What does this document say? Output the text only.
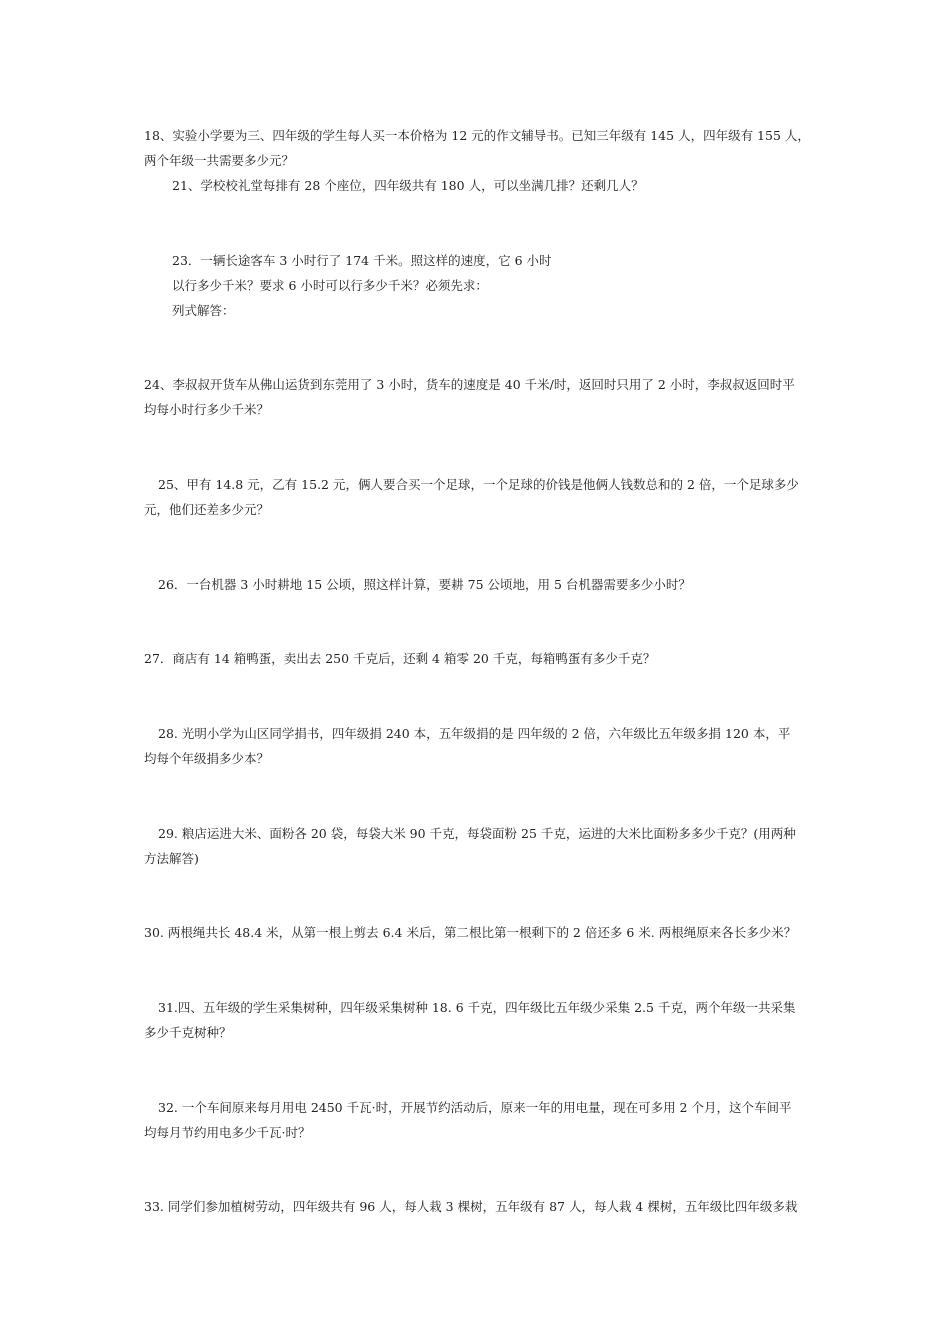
18、实验小学要为三、四年级的学生每人买一本价格为 12 元的作文辅导书。已知三年级有 145 人，四年级有 155 人，
两个年级一共需要多少元？
21、学校校礼堂每排有 28 个座位，四年级共有 180 人，可以坐满几排？还剩几人？
23．一辆长途客车 3 小时行了 174 千米。照这样的速度，它 6 小时
以行多少千米？要求 6 小时可以行多少千米？必须先求：
列式解答：
24、李叔叔开货车从佛山运货到东莞用了 3 小时，货车的速度是 40 千米/时，返回时只用了 2 小时，李叔叔返回时平
均每小时行多少千米？
25、甲有 14.8 元，乙有 15.2 元，俩人要合买一个足球，一个足球的价钱是他俩人钱数总和的 2 倍，一个足球多少
元，他们还差多少元？
26．一台机器 3 小时耕地 15 公顷，照这样计算，要耕 75 公顷地，用 5 台机器需要多少小时？
27．商店有 14 箱鸭蛋，卖出去 250 千克后，还剩 4 箱零 20 千克，每箱鸭蛋有多少千克？
28. 光明小学为山区同学捐书，四年级捐 240 本，五年级捐的是 四年级的 2 倍，六年级比五年级多捐 120 本，平
均每个年级捐多少本？
29. 粮店运进大米、面粉各 20 袋，每袋大米 90 千克，每袋面粉 25 千克，运进的大米比面粉多多少千克？(用两种
方法解答)
30. 两根绳共长 48.4 米，从第一根上剪去 6.4 米后，第二根比第一根剩下的 2 倍还多 6 米. 两根绳原来各长多少米？
31.四、五年级的学生采集树种，四年级采集树种 18. 6 千克，四年级比五年级少采集 2.5 千克，两个年级一共采集
多少千克树种？
32. 一个车间原来每月用电 2450 千瓦·时，开展节约活动后，原来一年的用电量，现在可多用 2 个月，这个车间平
均每月节约用电多少千瓦·时？
33. 同学们参加植树劳动，四年级共有 96 人，每人栽 3 棵树，五年级有 87 人，每人栽 4 棵树，五年级比四年级多栽
